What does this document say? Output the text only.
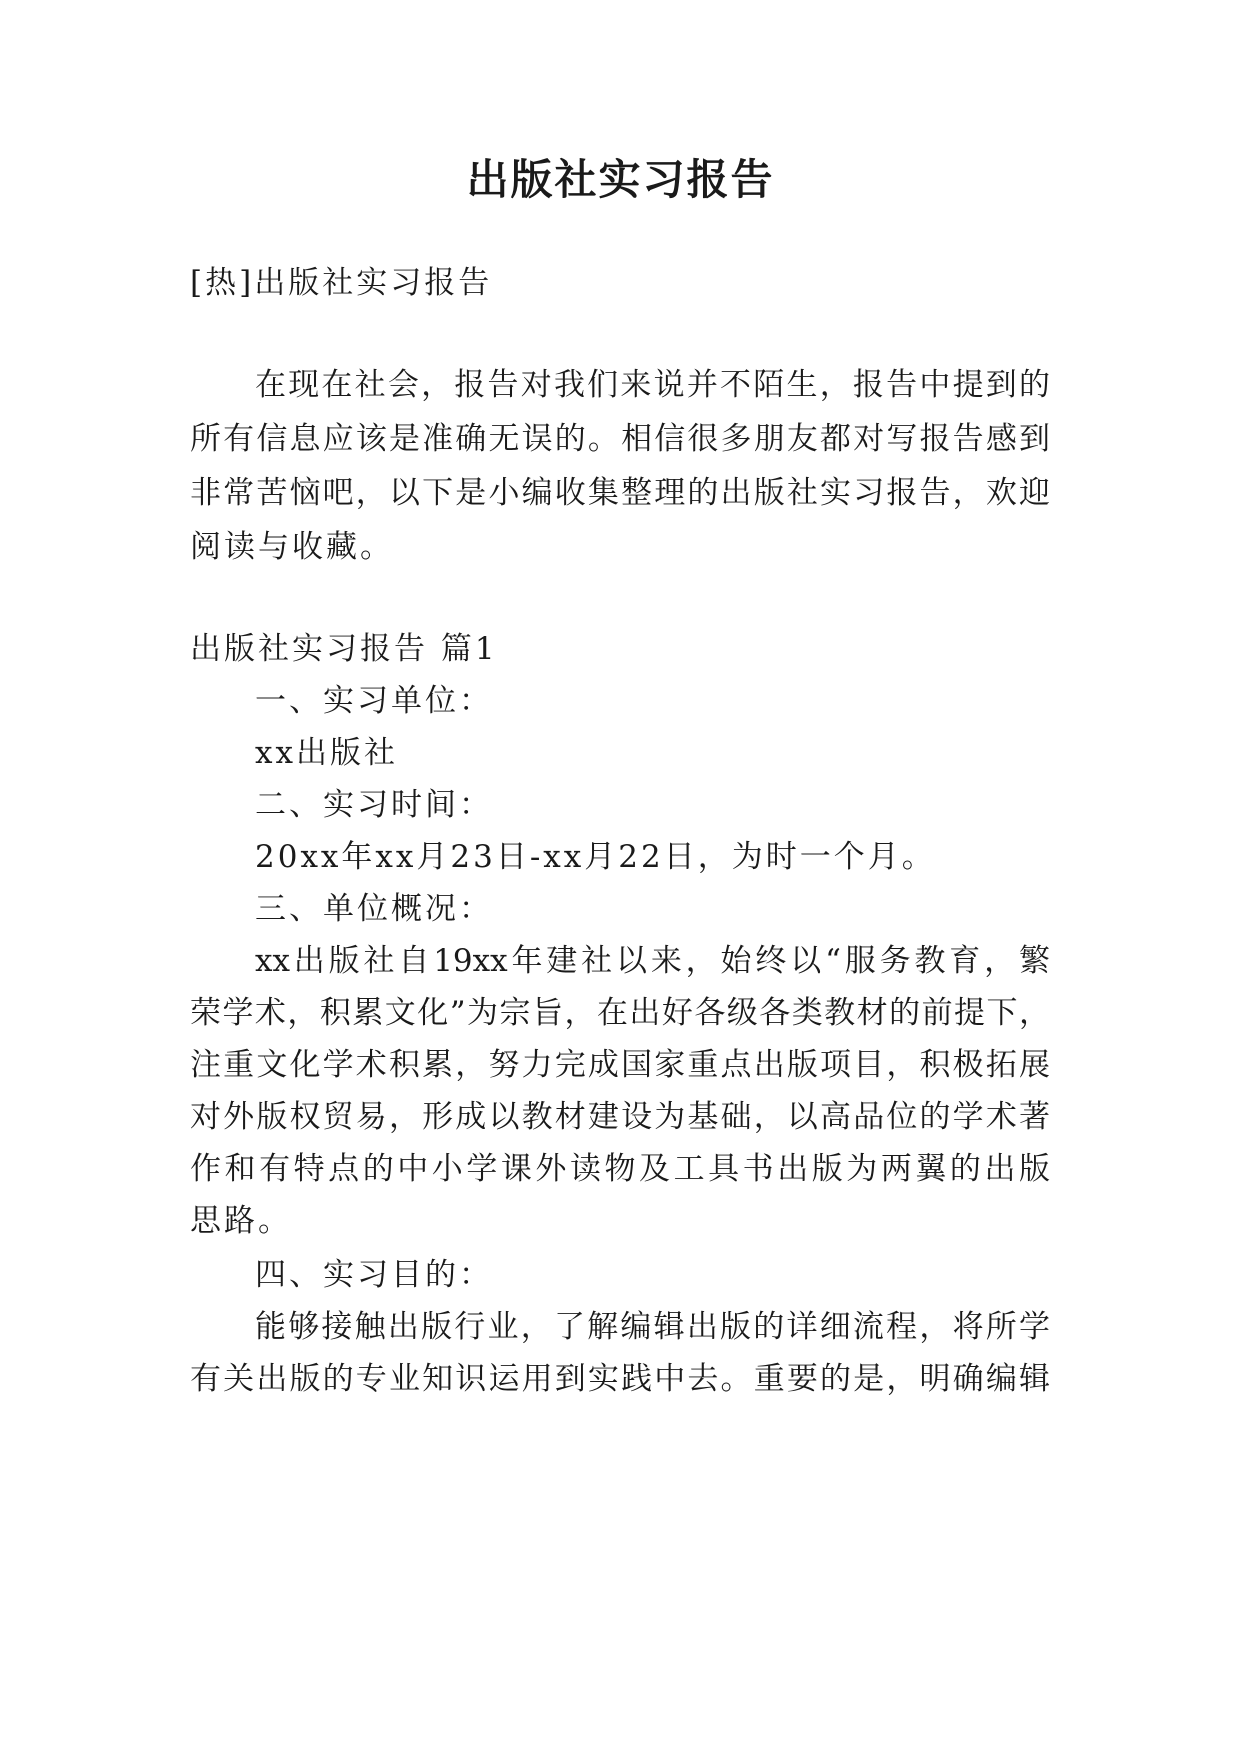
出版社实习报告
[热]出版社实习报告
在现在社会，报告对我们来说并不陌生，报告中提到的
所有信息应该是准确无误的。相信很多朋友都对写报告感到
非常苦恼吧，以下是小编收集整理的出版社实习报告，欢迎
阅读与收藏。
出版社实习报告 篇1
一、实习单位：
xx出版社
二、实习时间：
20xx年xx月23日-xx月22日，为时一个月。
三、单位概况：
xx出版社自19xx年建社以来，始终以“服务教育，繁
荣学术，积累文化”为宗旨，在出好各级各类教材的前提下，
注重文化学术积累，努力完成国家重点出版项目，积极拓展
对外版权贸易，形成以教材建设为基础，以高品位的学术著
作和有特点的中小学课外读物及工具书出版为两翼的出版
思路。
四、实习目的：
能够接触出版行业，了解编辑出版的详细流程，将所学
有关出版的专业知识运用到实践中去。重要的是，明确编辑
